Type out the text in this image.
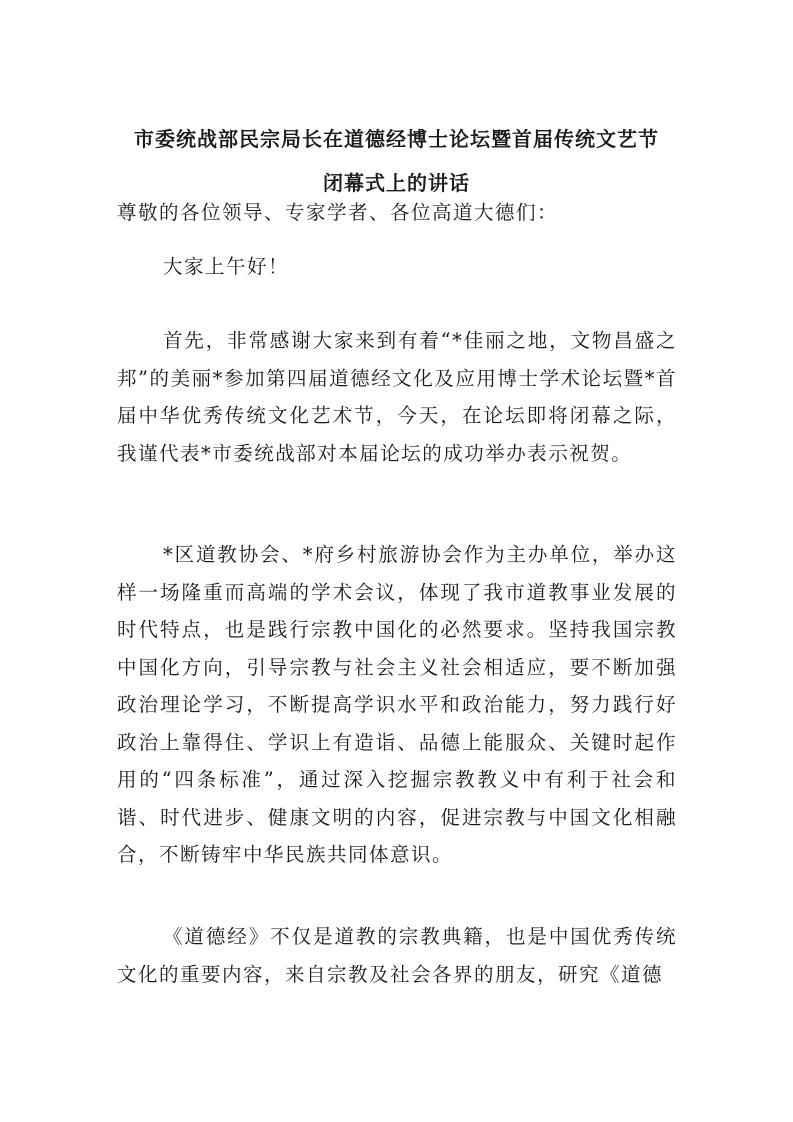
市委统战部民宗局长在道德经博士论坛暨首届传统文艺节
闭幕式上的讲话

尊敬的各位领导、专家学者、各位高道大德们：

大家上午好！

首先，非常感谢大家来到有着“*佳丽之地，文物昌盛之邦”的美丽*参加第四届道德经文化及应用博士学术论坛暨*首届中华优秀传统文化艺术节，今天，在论坛即将闭幕之际，我谨代表*市委统战部对本届论坛的成功举办表示祝贺。

*区道教协会、*府乡村旅游协会作为主办单位，举办这样一场隆重而高端的学术会议，体现了我市道教事业发展的时代特点，也是践行宗教中国化的必然要求。坚持我国宗教中国化方向，引导宗教与社会主义社会相适应，要不断加强政治理论学习，不断提高学识水平和政治能力，努力践行好政治上靠得住、学识上有造诣、品德上能服众、关键时起作用的“四条标准”，通过深入挖掘宗教教义中有利于社会和谐、时代进步、健康文明的内容，促进宗教与中国文化相融合，不断铸牢中华民族共同体意识。

《道德经》不仅是道教的宗教典籍，也是中国优秀传统文化的重要内容，来自宗教及社会各界的朋友，研究《道德
